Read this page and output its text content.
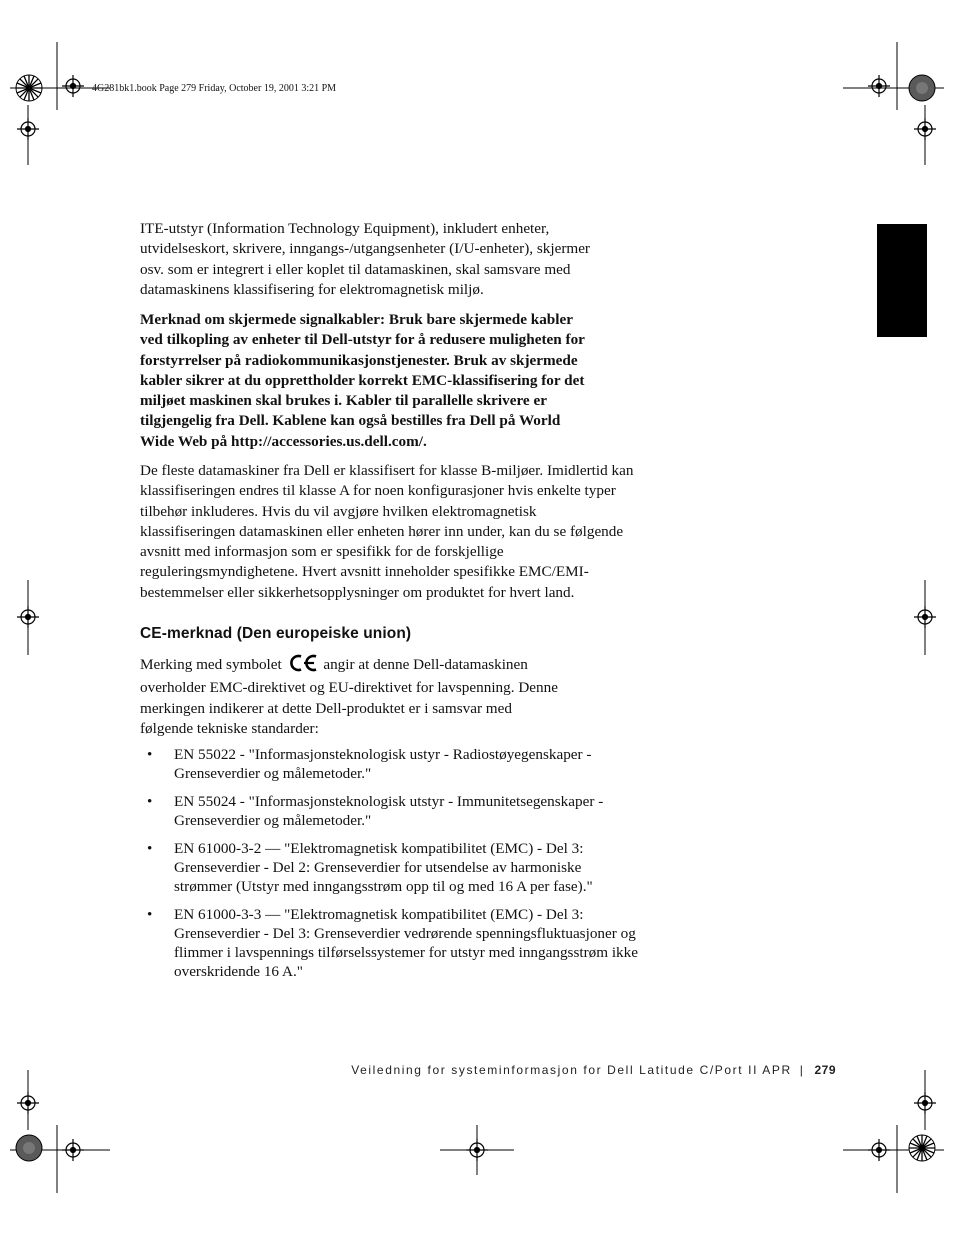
4G281bk1.book Page 279 Friday, October 19, 2001 3:21 PM
ITE-utstyr (Information Technology Equipment), inkludert enheter, utvidelseskort, skrivere, inngangs-/utgangsenheter (I/U-enheter), skjermer osv. som er integrert i eller koplet til datamaskinen, skal samsvare med datamaskinens klassifisering for elektromagnetisk miljø.
Merknad om skjermede signalkabler: Bruk bare skjermede kabler ved tilkopling av enheter til Dell-utstyr for å redusere muligheten for forstyrrelser på radiokommunikasjonstjenester. Bruk av skjermede kabler sikrer at du opprettholder korrekt EMC-klassifisering for det miljøet maskinen skal brukes i. Kabler til parallelle skrivere er tilgjengelig fra Dell. Kablene kan også bestilles fra Dell på World Wide Web på http://accessories.us.dell.com/.
De fleste datamaskiner fra Dell er klassifisert for klasse B-miljøer. Imidlertid kan klassifiseringen endres til klasse A for noen konfigurasjoner hvis enkelte typer tilbehør inkluderes. Hvis du vil avgjøre hvilken elektromagnetisk klassifiseringen datamaskinen eller enheten hører inn under, kan du se følgende avsnitt med informasjon som er spesifikk for de forskjellige reguleringsmyndighetene. Hvert avsnitt inneholder spesifikke EMC/EMI-bestemmelser eller sikkerhetsopplysninger om produktet for hvert land.
CE-merknad (Den europeiske union)
Merking med symbolet	angir at denne Dell-datamaskinen overholder EMC-direktivet og EU-direktivet for lavspenning. Denne merkingen indikerer at dette Dell-produktet er i samsvar med følgende tekniske standarder:
• EN 55022 - "Informasjonsteknologisk ustyr - Radiostøyegenskaper - Grenseverdier og målemetoder."
• EN 55024 - "Informasjonsteknologisk utstyr - Immunitetsegenskaper - Grenseverdier og målemetoder."
• EN 61000-3-2 — "Elektromagnetisk kompatibilitet (EMC) - Del 3: Grenseverdier - Del 2: Grenseverdier for utsendelse av harmoniske strømmer (Utstyr med inngangsstrøm opp til og med 16 A per fase)."
• EN 61000-3-3 — "Elektromagnetisk kompatibilitet (EMC) - Del 3: Grenseverdier - Del 3: Grenseverdier vedrørende spenningsfluktuasjoner og flimmer i lavspennings tilførselssystemer for utstyr med inngangsstrøm ikke overskridende 16 A."
Veiledning for systeminformasjon for Dell Latitude C/Port II APR | 279
